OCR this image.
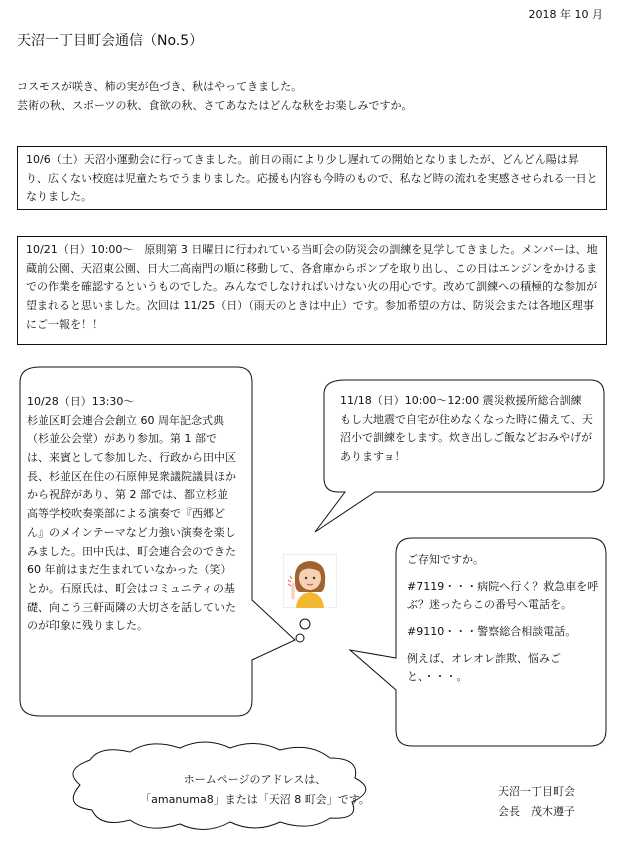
2018 年 10 月
天沼一丁目町会通信（No.5）
コスモスが咲き、柿の実が色づき、秋はやってきました。
芸術の秋、スポーツの秋、食欲の秋、さてあなたはどんな秋をお楽しみですか。
10/6（土）天沼小運動会に行ってきました。前日の雨により少し遅れての開始となりましたが、どんどん陽は昇り、広くない校庭は児童たちでうまりました。応援も内容も今時のもので、私など時の流れを実感させられる一日となりました。
10/21（日）10:00～　原則第 3 日曜日に行われている当町会の防災会の訓練を見学してきました。メンバーは、地蔵前公園、天沼東公園、日大二高南門の順に移動して、各倉庫からポンプを取り出し、この日はエンジンをかけるまでの作業を確認するというものでした。みんなでしなければいけない火の用心です。改めて訓練への積極的な参加が望まれると思いました。次回は 11/25（日）（雨天のときは中止）です。参加希望の方は、防災会または各地区理事にご一報を！！
10/28（日）13:30～
杉並区町会連合会創立 60 周年記念式典（杉並公会堂）があり参加。第 1 部では、来賓として参加した、行政から田中区長、杉並区在住の石原伸晃衆議院議員ほかから祝辞があり、第 2 部では、都立杉並高等学校吹奏楽部による演奏で『西郷どん』のメインテーマなど力強い演奏を楽しみました。田中氏は、町会連合会のできた 60 年前はまだ生まれていなかった（笑）とか。石原氏は、町会はコミュニティの基礎、向こう三軒両隣の大切さを話していたのが印象に残りました。
11/18（日）10:00～12:00 震災救援所総合訓練　もし大地震で自宅が住めなくなった時に備えて、天沼小で訓練をします。炊き出しご飯などおみやげがありますョ！

ご存知ですか。

#7119・・・病院へ行く？救急車を呼ぶ？迷ったらこの番号へ電話を。

#9110・・・警察総合相談電話。

例えば、オレオレ詐欺、悩みごと、・・・。

ホームページのアドレスは、
「amanuma8」または「天沼 8 町会」です。
天沼一丁目町会
会長　茂木遵子
